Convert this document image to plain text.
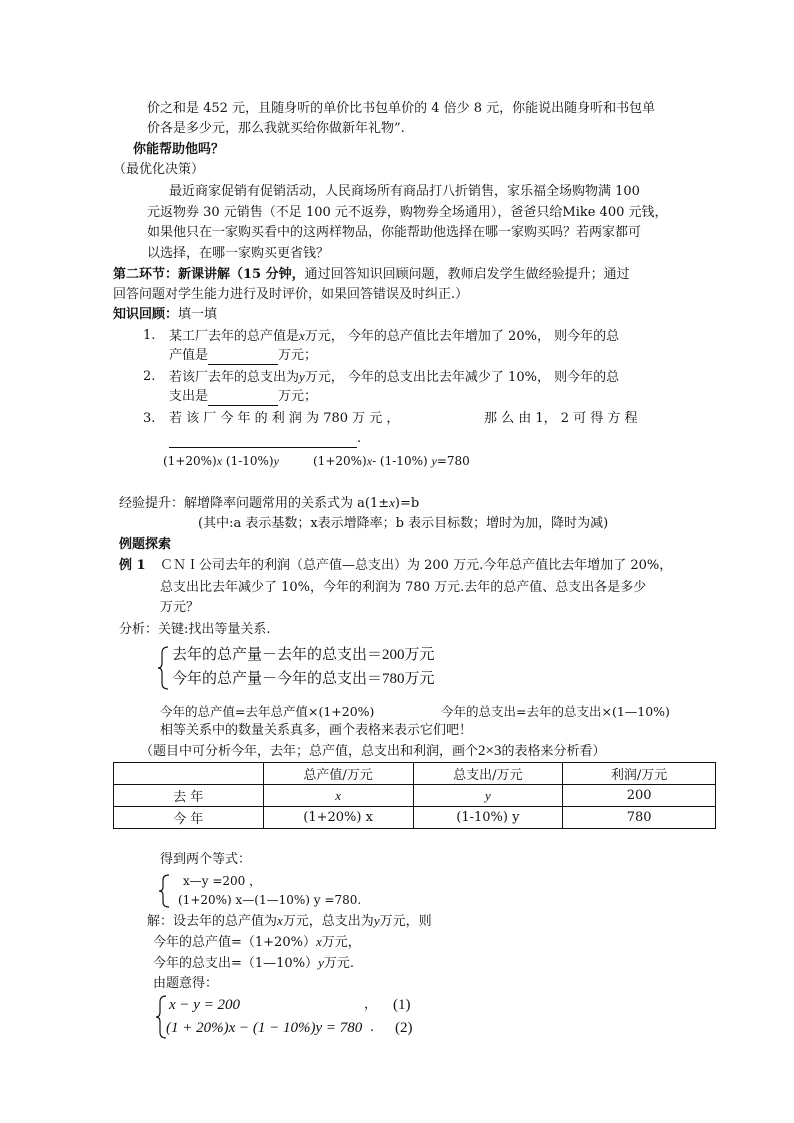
价之和是 452 元，且随身听的单价比书包单价的 4 倍少 8 元，你能说出随身听和书包单
价各是多少元，那么我就买给你做新年礼物”.
你能帮助他吗？
（最优化决策）
最近商家促销有促销活动，人民商场所有商品打八折销售，家乐福全场购物满 100
元返物券 30 元销售（不足 100 元不返券，购物券全场通用），爸爸只给Mike 400 元钱，
如果他只在一家购买看中的这两样物品，你能帮助他选择在哪一家购买吗？若两家都可
以选择，在哪一家购买更省钱？
第二环节：新课讲解（15 分钟，通过回答知识回顾问题，教师启发学生做经验提升；通过
回答问题对学生能力进行及时评价，如果回答错误及时纠正.）
知识回顾：填一填
1. 某工厂去年的总产值是x万元， 今年的总产值比去年增加了 20%， 则今年的总
产值是	万元；
2. 若该厂去年的总支出为y万元， 今年的总支出比去年减少了 10%， 则今年的总
支出是	万元；
3. 若 该 厂 今 年 的 利 润 为 780 万 元 ，	那 么 由 1， 2 可 得 方 程
.
(1+20%)x (1-10%)y	(1+20%)x- (1-10%) y=780
经验提升：解增降率问题常用的关系式为 a(1±x)=b
(其中:a 表示基数；x表示增降率；b 表示目标数；增时为加，降时为减)
例题探索
例 1 ＣＮＩ公司去年的利润（总产值—总支出）为 200 万元.今年总产值比去年增加了 20%，
总支出比去年减少了 10%，今年的利润为 780 万元.去年的总产值、总支出各是多少
万元？
分析：关键:找出等量关系.
去年的总产量－去年的总支出＝200万元
今年的总产量－今年的总支出＝780万元
今年的总产值=去年总产值×(1+20%)	今年的总支出=去年的总支出×(1—10%)
相等关系中的数量关系真多，画个表格来表示它们吧！
（题目中可分析今年，去年；总产值，总支出和利润，画个2×3的表格来分析看）
	总产值/万元	总支出/万元	利润/万元
去 年	x	y	200
今 年	(1+20%) x	(1-10%) y	780
得到两个等式：
x—y =200 ，
(1+20%) x—(1—10%) y =780.
解：设去年的总产值为x万元，总支出为y万元，则
今年的总产值=（1+20%）x万元，
今年的总支出=（1—10%）y万元.
由题意得：
x − y = 200	， (1)
(1 + 20%)x − (1 − 10%)y = 780 . (2)
